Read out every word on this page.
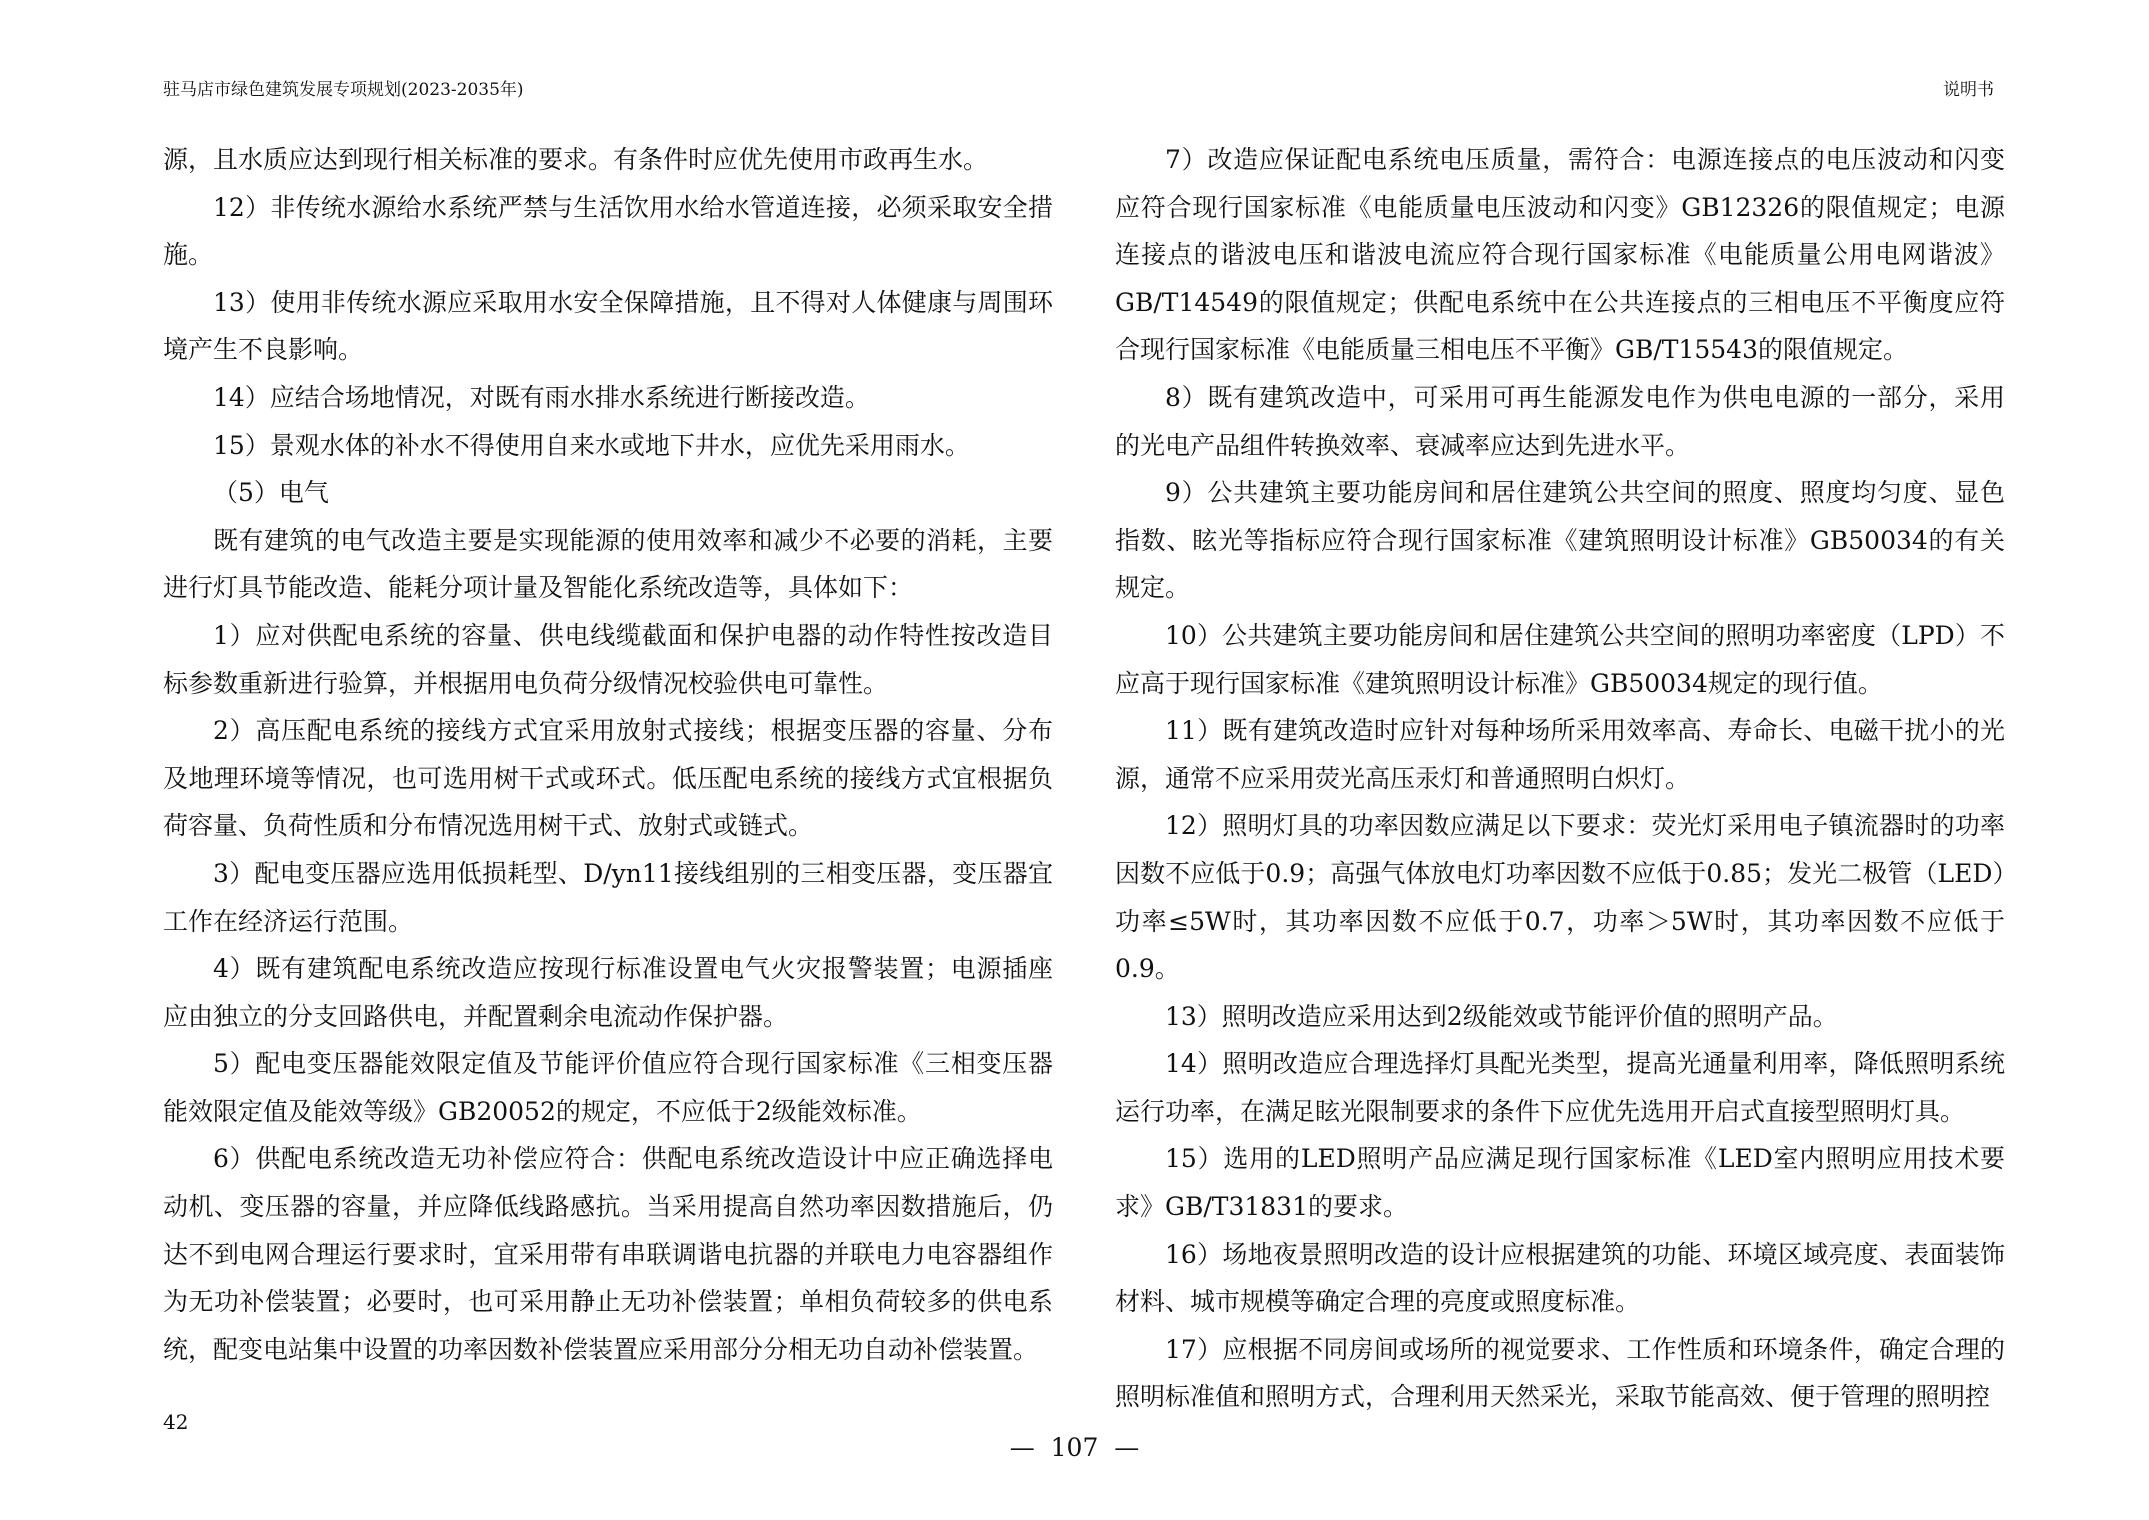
驻马店市绿色建筑发展专项规划(2023-2035年)	说明书

源，且水质应达到现行相关标准的要求。有条件时应优先使用市政再生水。

12）非传统水源给水系统严禁与生活饮用水给水管道连接，必须采取安全措施。

13）使用非传统水源应采取用水安全保障措施，且不得对人体健康与周围环境产生不良影响。

14）应结合场地情况，对既有雨水排水系统进行断接改造。

15）景观水体的补水不得使用自来水或地下井水，应优先采用雨水。

（5）电气

既有建筑的电气改造主要是实现能源的使用效率和减少不必要的消耗，主要进行灯具节能改造、能耗分项计量及智能化系统改造等，具体如下：

1）应对供配电系统的容量、供电线缆截面和保护电器的动作特性按改造目标参数重新进行验算，并根据用电负荷分级情况校验供电可靠性。

2）高压配电系统的接线方式宜采用放射式接线；根据变压器的容量、分布及地理环境等情况，也可选用树干式或环式。低压配电系统的接线方式宜根据负荷容量、负荷性质和分布情况选用树干式、放射式或链式。

3）配电变压器应选用低损耗型、D/yn11接线组别的三相变压器，变压器宜工作在经济运行范围。

4）既有建筑配电系统改造应按现行标准设置电气火灾报警装置；电源插座应由独立的分支回路供电，并配置剩余电流动作保护器。

5）配电变压器能效限定值及节能评价值应符合现行国家标准《三相变压器能效限定值及能效等级》GB20052的规定，不应低于2级能效标准。

6）供配电系统改造无功补偿应符合：供配电系统改造设计中应正确选择电动机、变压器的容量，并应降低线路感抗。当采用提高自然功率因数措施后，仍达不到电网合理运行要求时，宜采用带有串联调谐电抗器的并联电力电容器组作为无功补偿装置；必要时，也可采用静止无功补偿装置；单相负荷较多的供电系统，配变电站集中设置的功率因数补偿装置应采用部分分相无功自动补偿装置。

7）改造应保证配电系统电压质量，需符合：电源连接点的电压波动和闪变应符合现行国家标准《电能质量电压波动和闪变》GB12326的限值规定；电源连接点的谐波电压和谐波电流应符合现行国家标准《电能质量公用电网谐波》GB/T14549的限值规定；供配电系统中在公共连接点的三相电压不平衡度应符合现行国家标准《电能质量三相电压不平衡》GB/T15543的限值规定。

8）既有建筑改造中，可采用可再生能源发电作为供电电源的一部分，采用的光电产品组件转换效率、衰减率应达到先进水平。

9）公共建筑主要功能房间和居住建筑公共空间的照度、照度均匀度、显色指数、眩光等指标应符合现行国家标准《建筑照明设计标准》GB50034的有关规定。

10）公共建筑主要功能房间和居住建筑公共空间的照明功率密度（LPD）不应高于现行国家标准《建筑照明设计标准》GB50034规定的现行值。

11）既有建筑改造时应针对每种场所采用效率高、寿命长、电磁干扰小的光源，通常不应采用荧光高压汞灯和普通照明白炽灯。

12）照明灯具的功率因数应满足以下要求：荧光灯采用电子镇流器时的功率因数不应低于0.9；高强气体放电灯功率因数不应低于0.85；发光二极管（LED）功率≤5W时，其功率因数不应低于0.7，功率＞5W时，其功率因数不应低于0.9。

13）照明改造应采用达到2级能效或节能评价值的照明产品。

14）照明改造应合理选择灯具配光类型，提高光通量利用率，降低照明系统运行功率，在满足眩光限制要求的条件下应优先选用开启式直接型照明灯具。

15）选用的LED照明产品应满足现行国家标准《LED室内照明应用技术要求》GB/T31831的要求。

16）场地夜景照明改造的设计应根据建筑的功能、环境区域亮度、表面装饰材料、城市规模等确定合理的亮度或照度标准。

17）应根据不同房间或场所的视觉要求、工作性质和环境条件，确定合理的照明标准值和照明方式，合理利用天然采光，采取节能高效、便于管理的照明控

42
—  107  —
